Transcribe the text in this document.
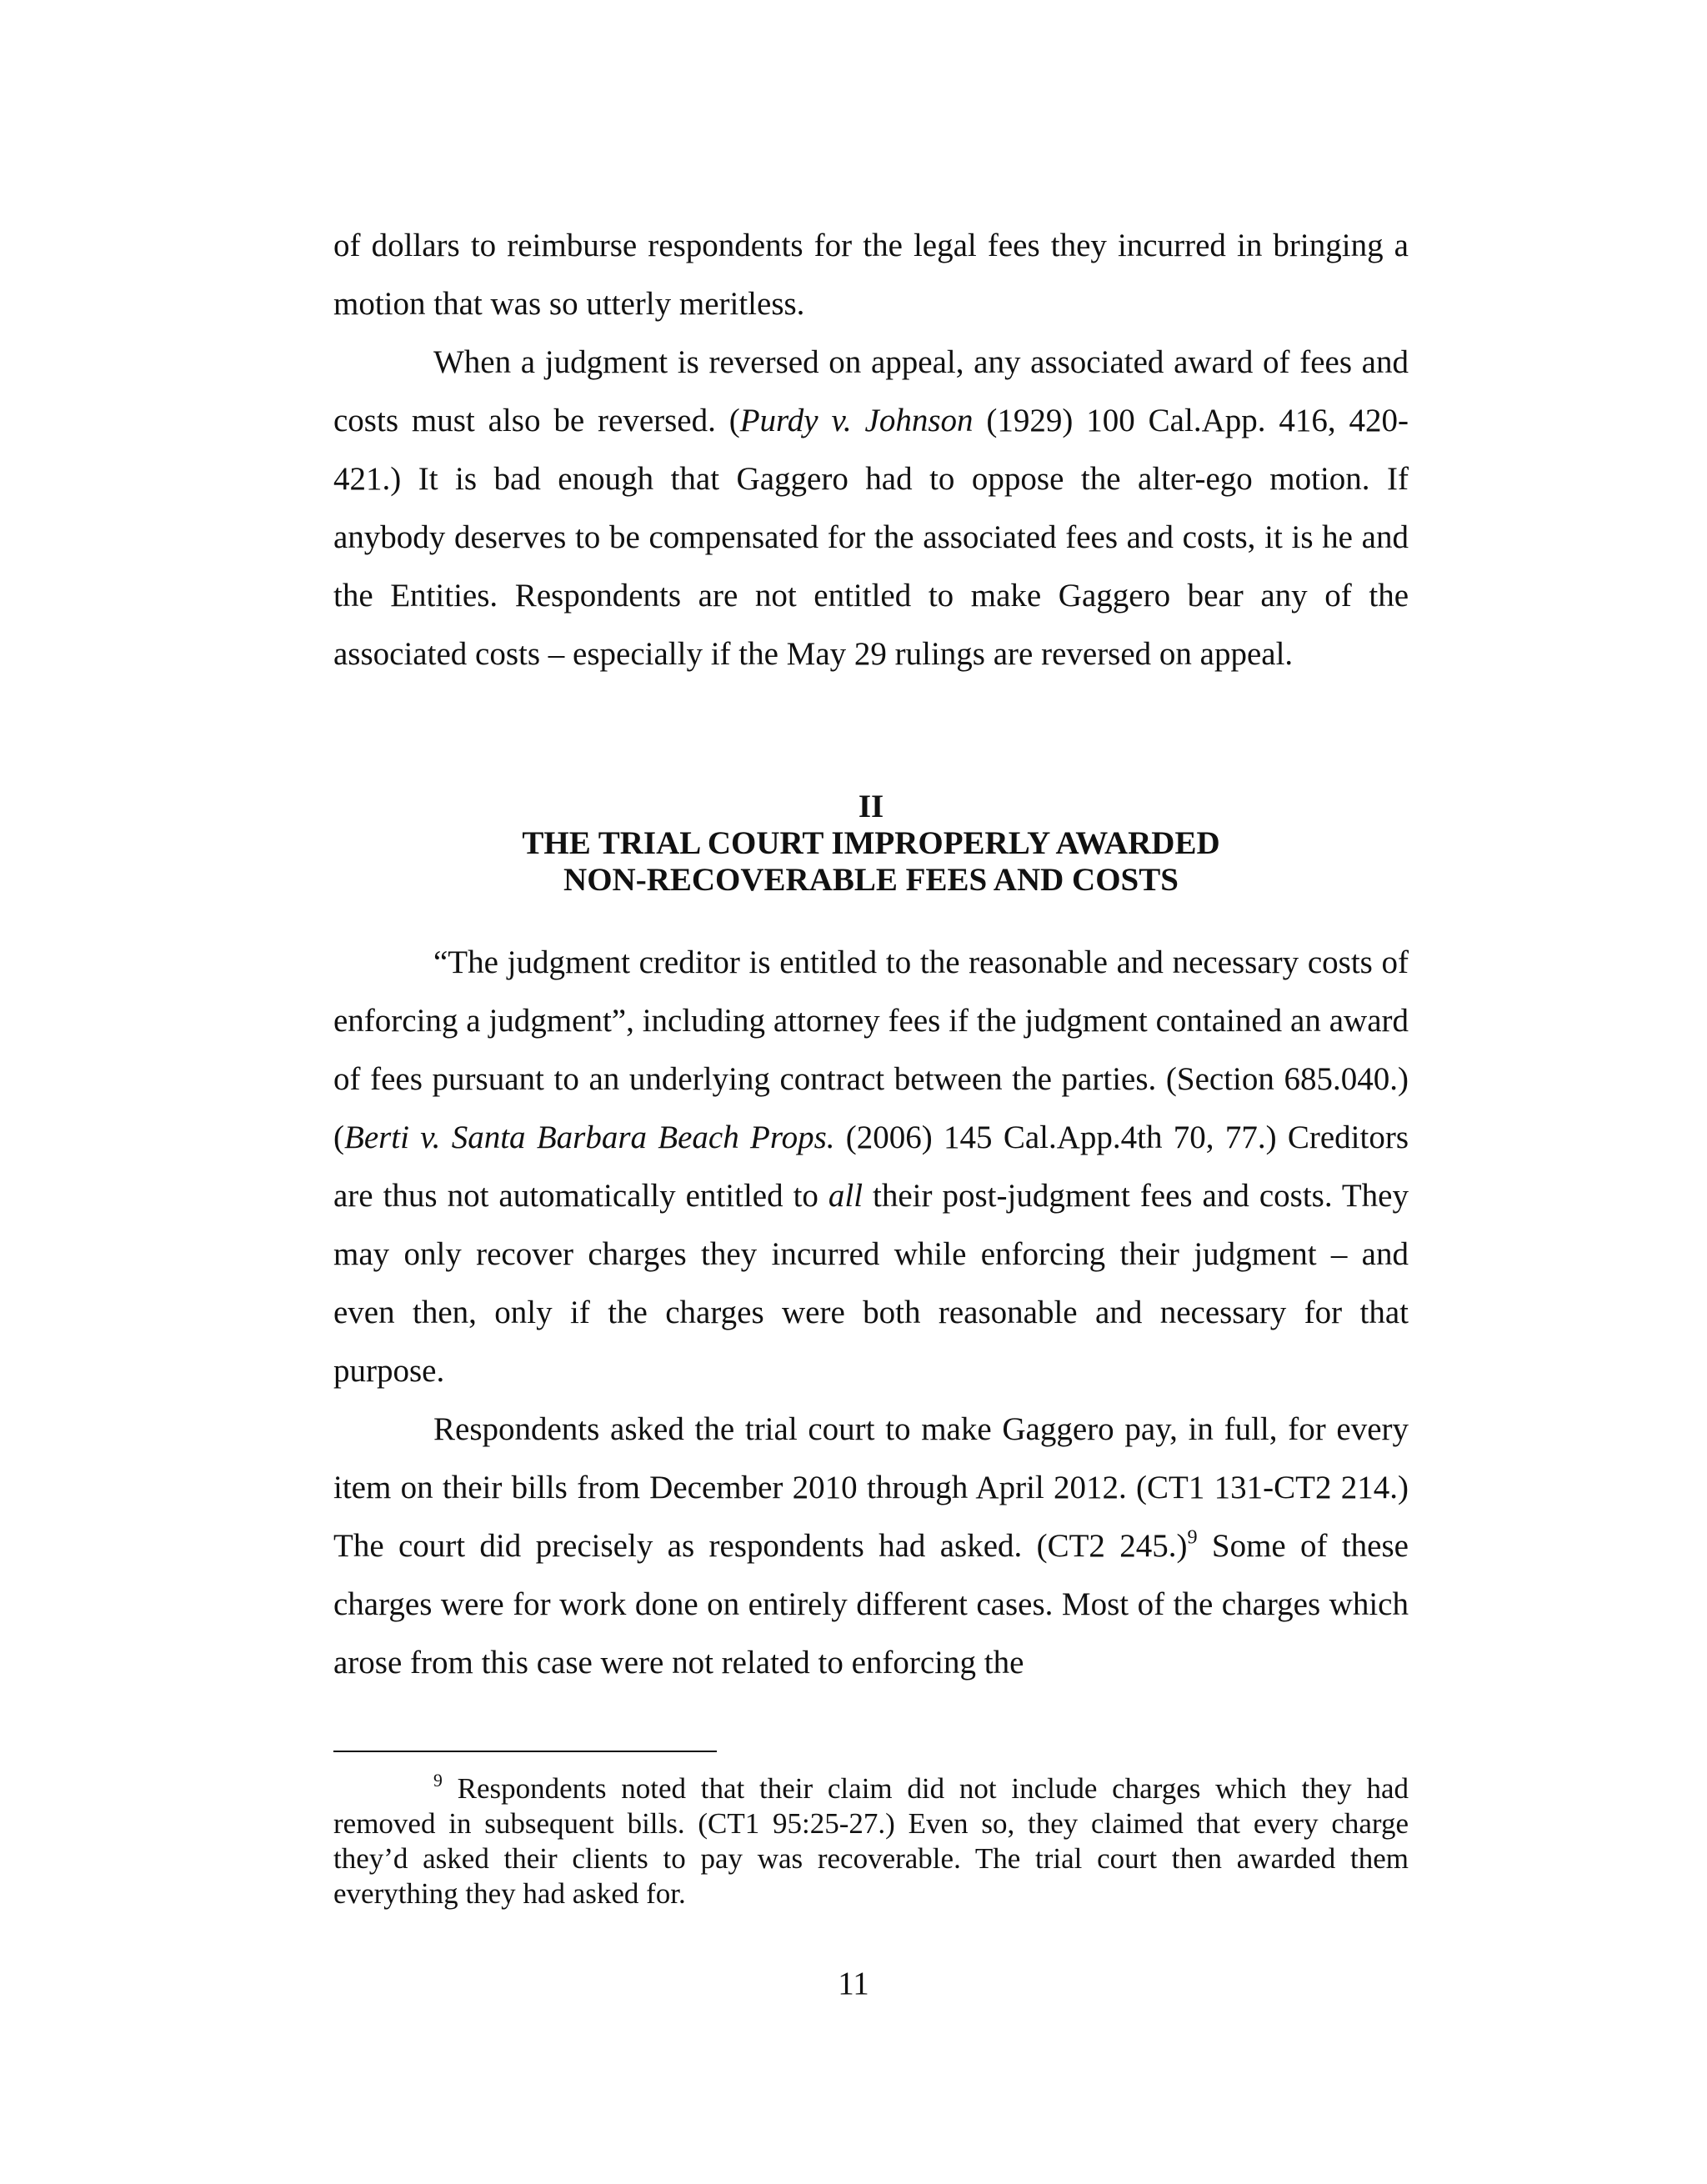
of dollars to reimburse respondents for the legal fees they incurred in bringing a motion that was so utterly meritless.

When a judgment is reversed on appeal, any associated award of fees and costs must also be reversed. (Purdy v. Johnson (1929) 100 Cal.App. 416, 420-421.) It is bad enough that Gaggero had to oppose the alter-ego motion. If anybody deserves to be compensated for the associated fees and costs, it is he and the Entities. Respondents are not entitled to make Gaggero bear any of the associated costs – especially if the May 29 rulings are reversed on appeal.

II
THE TRIAL COURT IMPROPERLY AWARDED
NON-RECOVERABLE FEES AND COSTS

“The judgment creditor is entitled to the reasonable and necessary costs of enforcing a judgment”, including attorney fees if the judgment contained an award of fees pursuant to an underlying contract between the parties. (Section 685.040.) (Berti v. Santa Barbara Beach Props. (2006) 145 Cal.App.4th 70, 77.) Creditors are thus not automatically entitled to all their post-judgment fees and costs. They may only recover charges they incurred while enforcing their judgment – and even then, only if the charges were both reasonable and necessary for that purpose.

Respondents asked the trial court to make Gaggero pay, in full, for every item on their bills from December 2010 through April 2012. (CT1 131-CT2 214.) The court did precisely as respondents had asked. (CT2 245.)$^9$ Some of these charges were for work done on entirely different cases. Most of the charges which arose from this case were not related to enforcing the

$^9$ Respondents noted that their claim did not include charges which they had removed in subsequent bills. (CT1 95:25-27.) Even so, they claimed that every charge they’d asked their clients to pay was recoverable. The trial court then awarded them everything they had asked for.

11
